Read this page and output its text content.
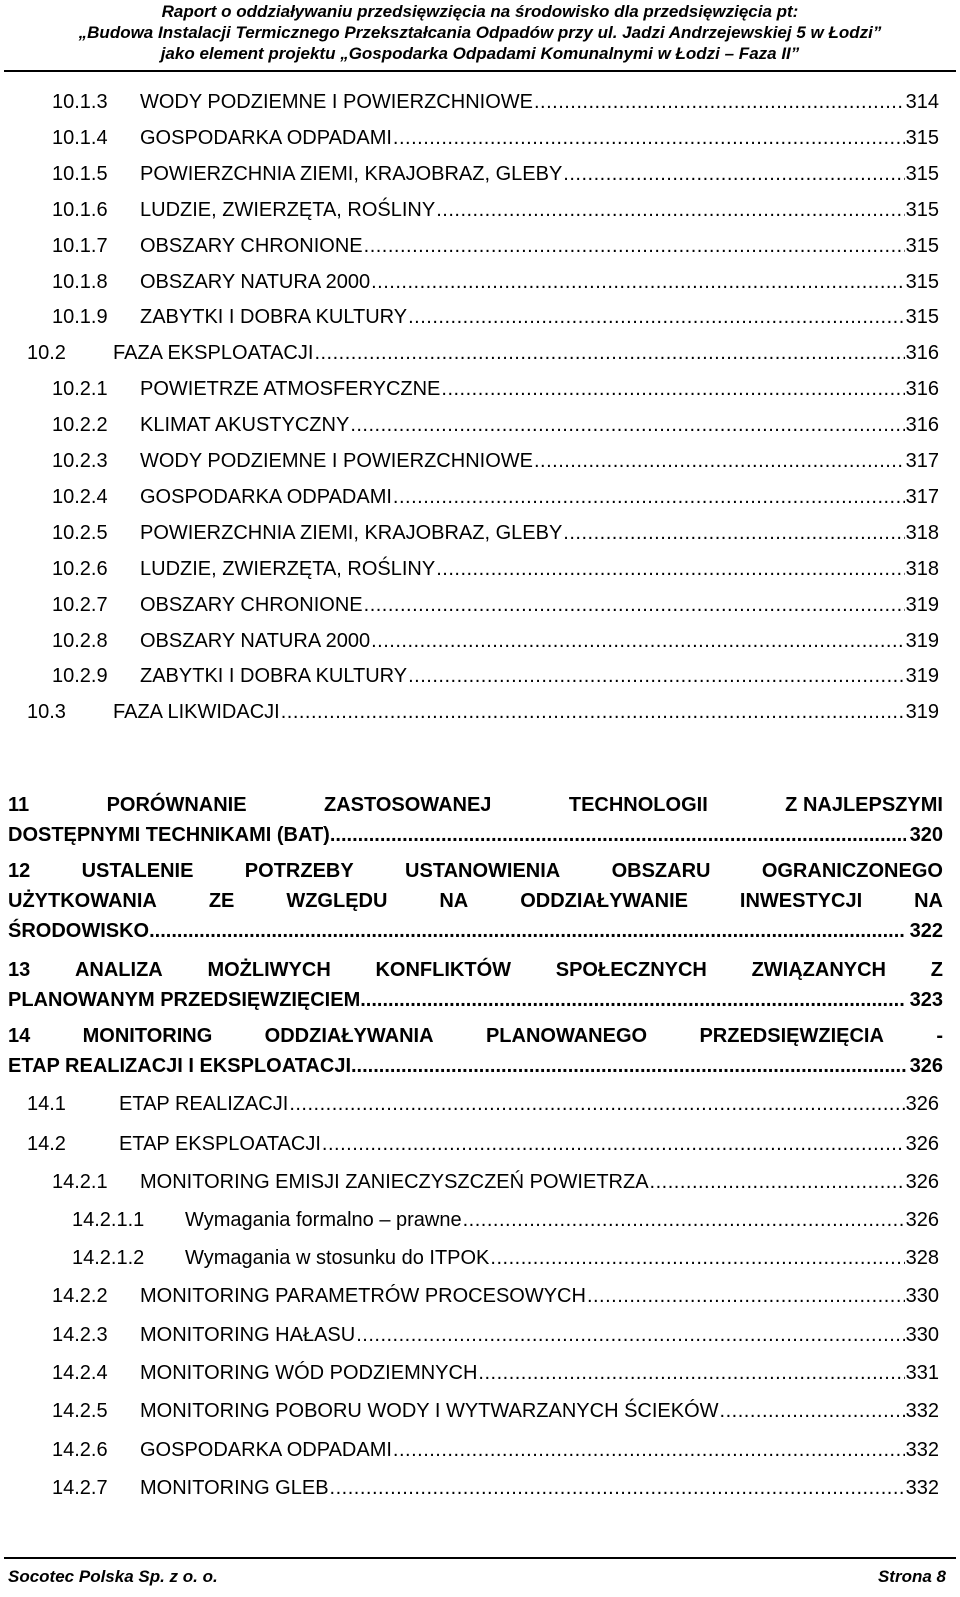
Raport o oddziaływaniu przedsięwzięcia na środowisko dla przedsięwzięcia pt:
„Budowa Instalacji Termicznego Przekształcania Odpadów przy ul. Jadzi Andrzejewskiej 5 w Łodzi”
jako element projektu „Gospodarka Odpadami Komunalnymi w Łodzi – Faza II”
10.1.3	WODY PODZIEMNE I POWIERZCHNIOWE .....	314
10.1.4	GOSPODARKA ODPADAMI .....	315
10.1.5	POWIERZCHNIA ZIEMI, KRAJOBRAZ, GLEBY .....	315
10.1.6	LUDZIE, ZWIERZĘTA, ROŚLINY .....	315
10.1.7	OBSZARY CHRONIONE .....	315
10.1.8	OBSZARY NATURA 2000 .....	315
10.1.9	ZABYTKI I DOBRA KULTURY .....	315
10.2	FAZA EKSPLOATACJI .....	316
10.2.1	POWIETRZE ATMOSFERYCZNE .....	316
10.2.2	KLIMAT AKUSTYCZNY .....	316
10.2.3	WODY PODZIEMNE I POWIERZCHNIOWE .....	317
10.2.4	GOSPODARKA ODPADAMI .....	317
10.2.5	POWIERZCHNIA ZIEMI, KRAJOBRAZ, GLEBY .....	318
10.2.6	LUDZIE, ZWIERZĘTA, ROŚLINY .....	318
10.2.7	OBSZARY CHRONIONE .....	319
10.2.8	OBSZARY NATURA 2000 .....	319
10.2.9	ZABYTKI I DOBRA KULTURY .....	319
10.3	FAZA LIKWIDACJI .....	319
11	PORÓWNANIE	ZASTOSOWANEJ	TECHNOLOGII	Z NAJLEPSZYMI
DOSTĘPNYMI TECHNIKAMI (BAT) .....	320
12	USTALENIE	POTRZEBY	USTANOWIENIA	OBSZARU	OGRANICZONEGO
UŻYTKOWANIA	ZE	WZGLĘDU	NA	ODDZIAŁYWANIE	INWESTYCJI	NA
ŚRODOWISKO .....	322
13 ANALIZA MOŻLIWYCH KONFLIKTÓW SPOŁECZNYCH ZWIĄZANYCH Z
PLANOWANYM PRZEDSIĘWZIĘCIEM .....	323
14	MONITORING	ODDZIAŁYWANIA	PLANOWANEGO	PRZEDSIĘWZIĘCIA	-
ETAP REALIZACJI I EKSPLOATACJI .....	326
14.1	ETAP REALIZACJI .....	326
14.2	ETAP EKSPLOATACJI .....	326
14.2.1	MONITORING EMISJI ZANIECZYSZCZEŃ POWIETRZA .....	326
14.2.1.1	Wymagania formalno – prawne .....	326
14.2.1.2	Wymagania w stosunku do ITPOK .....	328
14.2.2	MONITORING PARAMETRÓW PROCESOWYCH .....	330
14.2.3	MONITORING HAŁASU .....	330
14.2.4	MONITORING WÓD PODZIEMNYCH .....	331
14.2.5	MONITORING POBORU WODY I WYTWARZANYCH ŚCIEKÓW .....	332
14.2.6	GOSPODARKA ODPADAMI .....	332
14.2.7	MONITORING GLEB .....	332
Socotec Polska Sp. z o. o.	Strona 8
